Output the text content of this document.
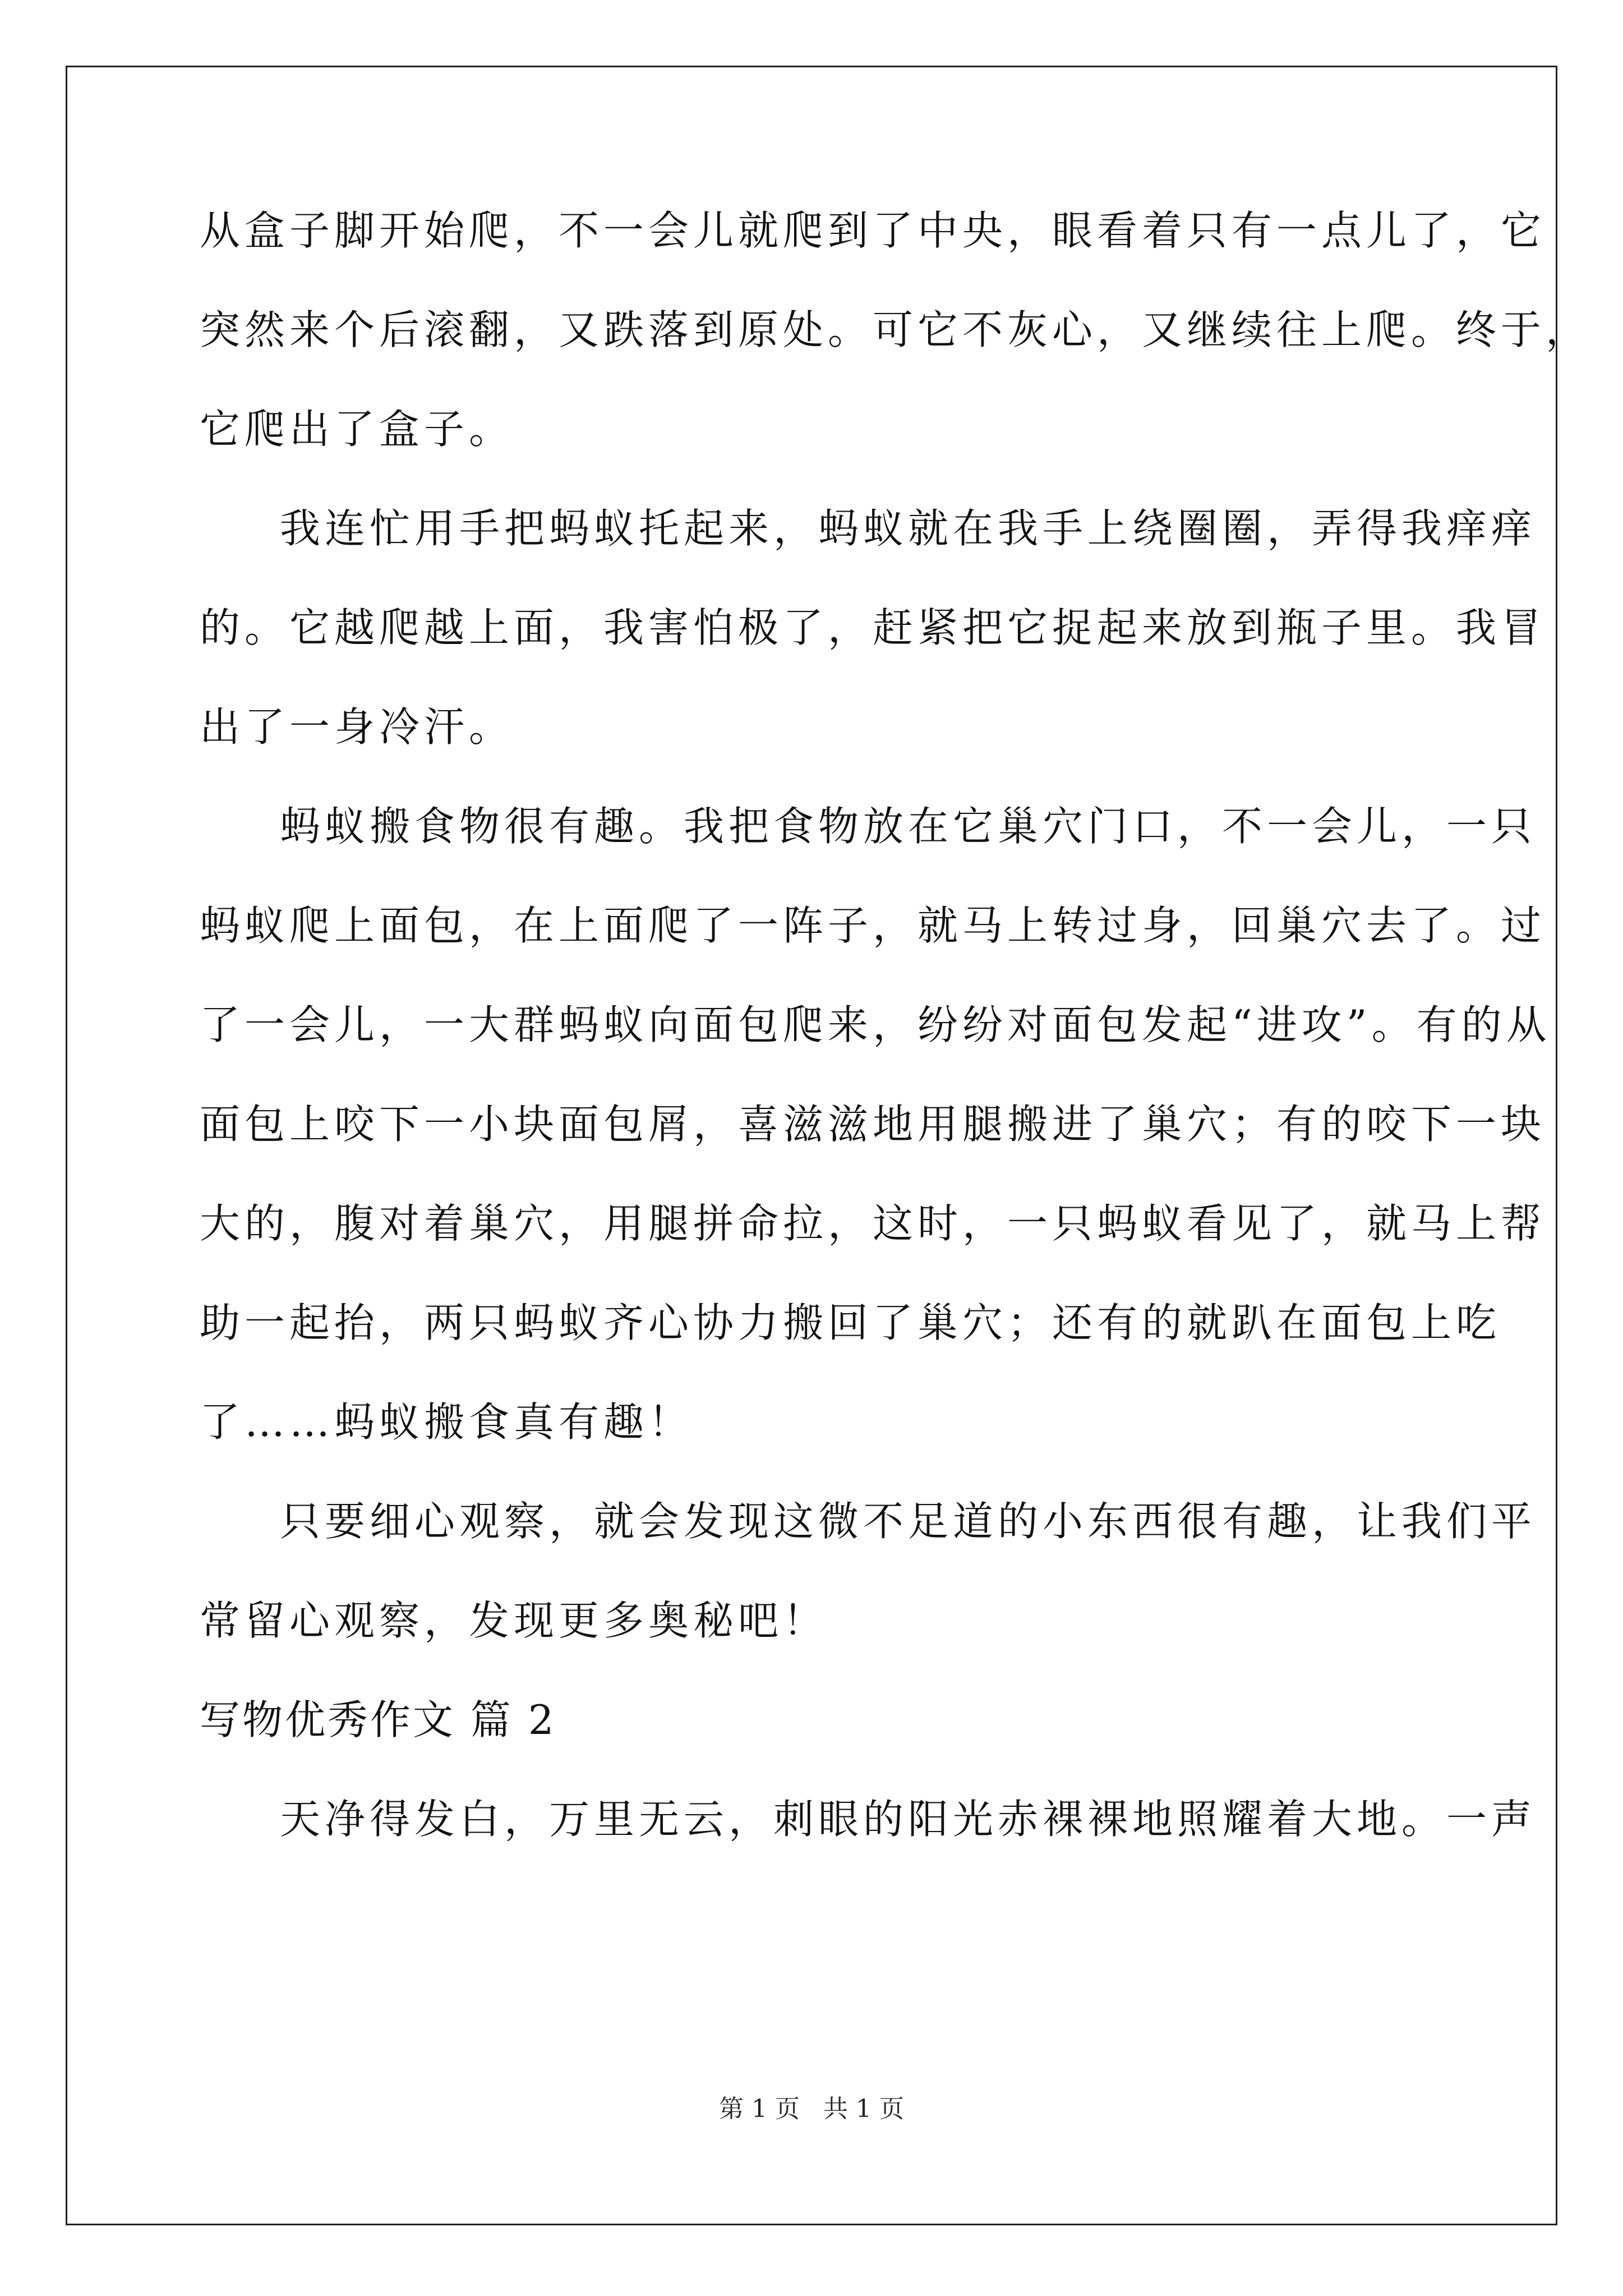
从盒子脚开始爬，不一会儿就爬到了中央，眼看着只有一点儿了，它
突然来个后滚翻，又跌落到原处。可它不灰心，又继续往上爬。终于，
它爬出了盒子。
我连忙用手把蚂蚁托起来，蚂蚁就在我手上绕圈圈，弄得我痒痒
的。它越爬越上面，我害怕极了，赶紧把它捉起来放到瓶子里。我冒
出了一身冷汗。
蚂蚁搬食物很有趣。我把食物放在它巢穴门口，不一会儿，一只
蚂蚁爬上面包，在上面爬了一阵子，就马上转过身，回巢穴去了。过
了一会儿，一大群蚂蚁向面包爬来，纷纷对面包发起“进攻”。有的从
面包上咬下一小块面包屑，喜滋滋地用腿搬进了巢穴；有的咬下一块
大的，腹对着巢穴，用腿拼命拉，这时，一只蚂蚁看见了，就马上帮
助一起抬，两只蚂蚁齐心协力搬回了巢穴；还有的就趴在面包上吃
了……蚂蚁搬食真有趣！
只要细心观察，就会发现这微不足道的小东西很有趣，让我们平
常留心观察，发现更多奥秘吧！
写物优秀作文 篇 2
天净得发白，万里无云，刺眼的阳光赤裸裸地照耀着大地。一声
第 1 页   共 1 页
